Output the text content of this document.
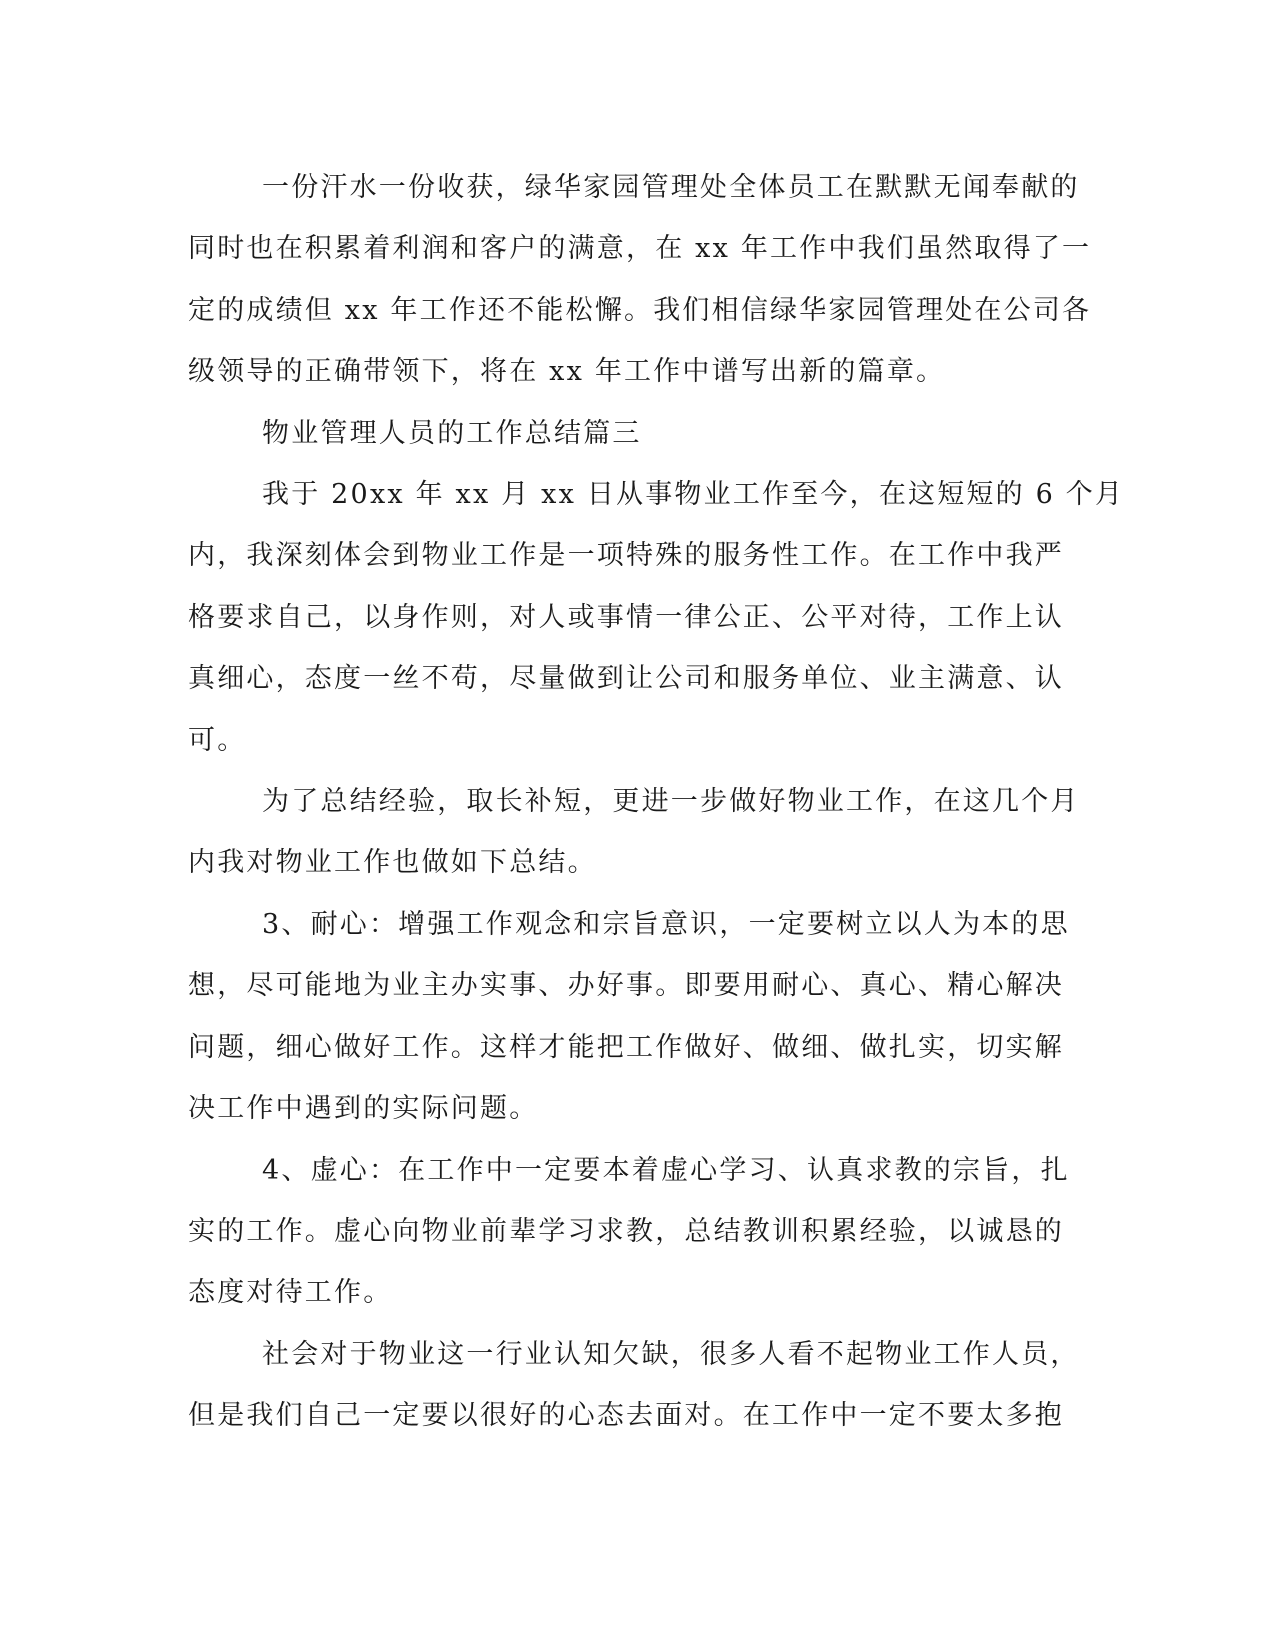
一份汗水一份收获，绿华家园管理处全体员工在默默无闻奉献的
同时也在积累着利润和客户的满意，在 xx 年工作中我们虽然取得了一
定的成绩但 xx 年工作还不能松懈。我们相信绿华家园管理处在公司各
级领导的正确带领下，将在 xx 年工作中谱写出新的篇章。

物业管理人员的工作总结篇三

我于 20xx 年 xx 月 xx 日从事物业工作至今，在这短短的 6 个月
内，我深刻体会到物业工作是一项特殊的服务性工作。在工作中我严
格要求自己，以身作则，对人或事情一律公正、公平对待，工作上认
真细心，态度一丝不苟，尽量做到让公司和服务单位、业主满意、认
可。

为了总结经验，取长补短，更进一步做好物业工作，在这几个月
内我对物业工作也做如下总结。

3、耐心：增强工作观念和宗旨意识，一定要树立以人为本的思
想，尽可能地为业主办实事、办好事。即要用耐心、真心、精心解决
问题，细心做好工作。这样才能把工作做好、做细、做扎实，切实解
决工作中遇到的实际问题。

4、虚心：在工作中一定要本着虚心学习、认真求教的宗旨，扎
实的工作。虚心向物业前辈学习求教，总结教训积累经验，以诚恳的
态度对待工作。

社会对于物业这一行业认知欠缺，很多人看不起物业工作人员，
但是我们自己一定要以很好的心态去面对。在工作中一定不要太多抱
